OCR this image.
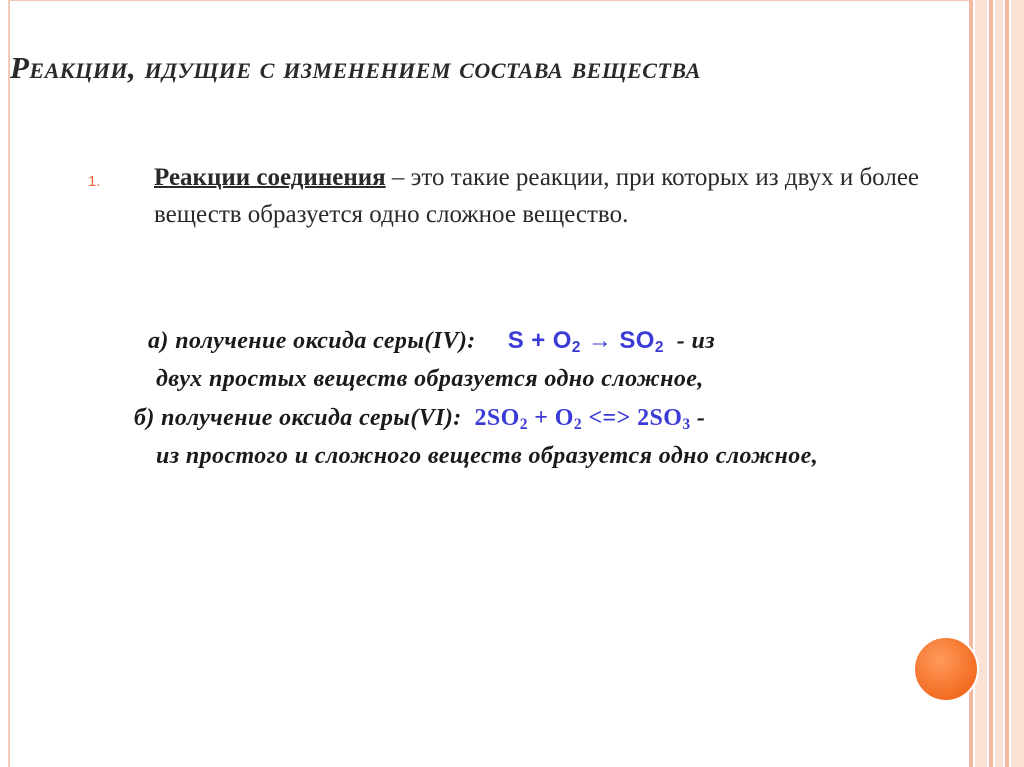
Реакции, идущие с изменением состава вещества
1. Реакции соединения – это такие реакции, при которых из двух и более веществ образуется одно сложное вещество.
а) получение оксида серы(IV): $S + O_2 \to SO_2$  - из
двух простых веществ образуется одно сложное,
б) получение оксида серы(VI): $2SO_2 + O_2$ <=> $2SO_3$ -
из простого и сложного веществ образуется одно сложное,
